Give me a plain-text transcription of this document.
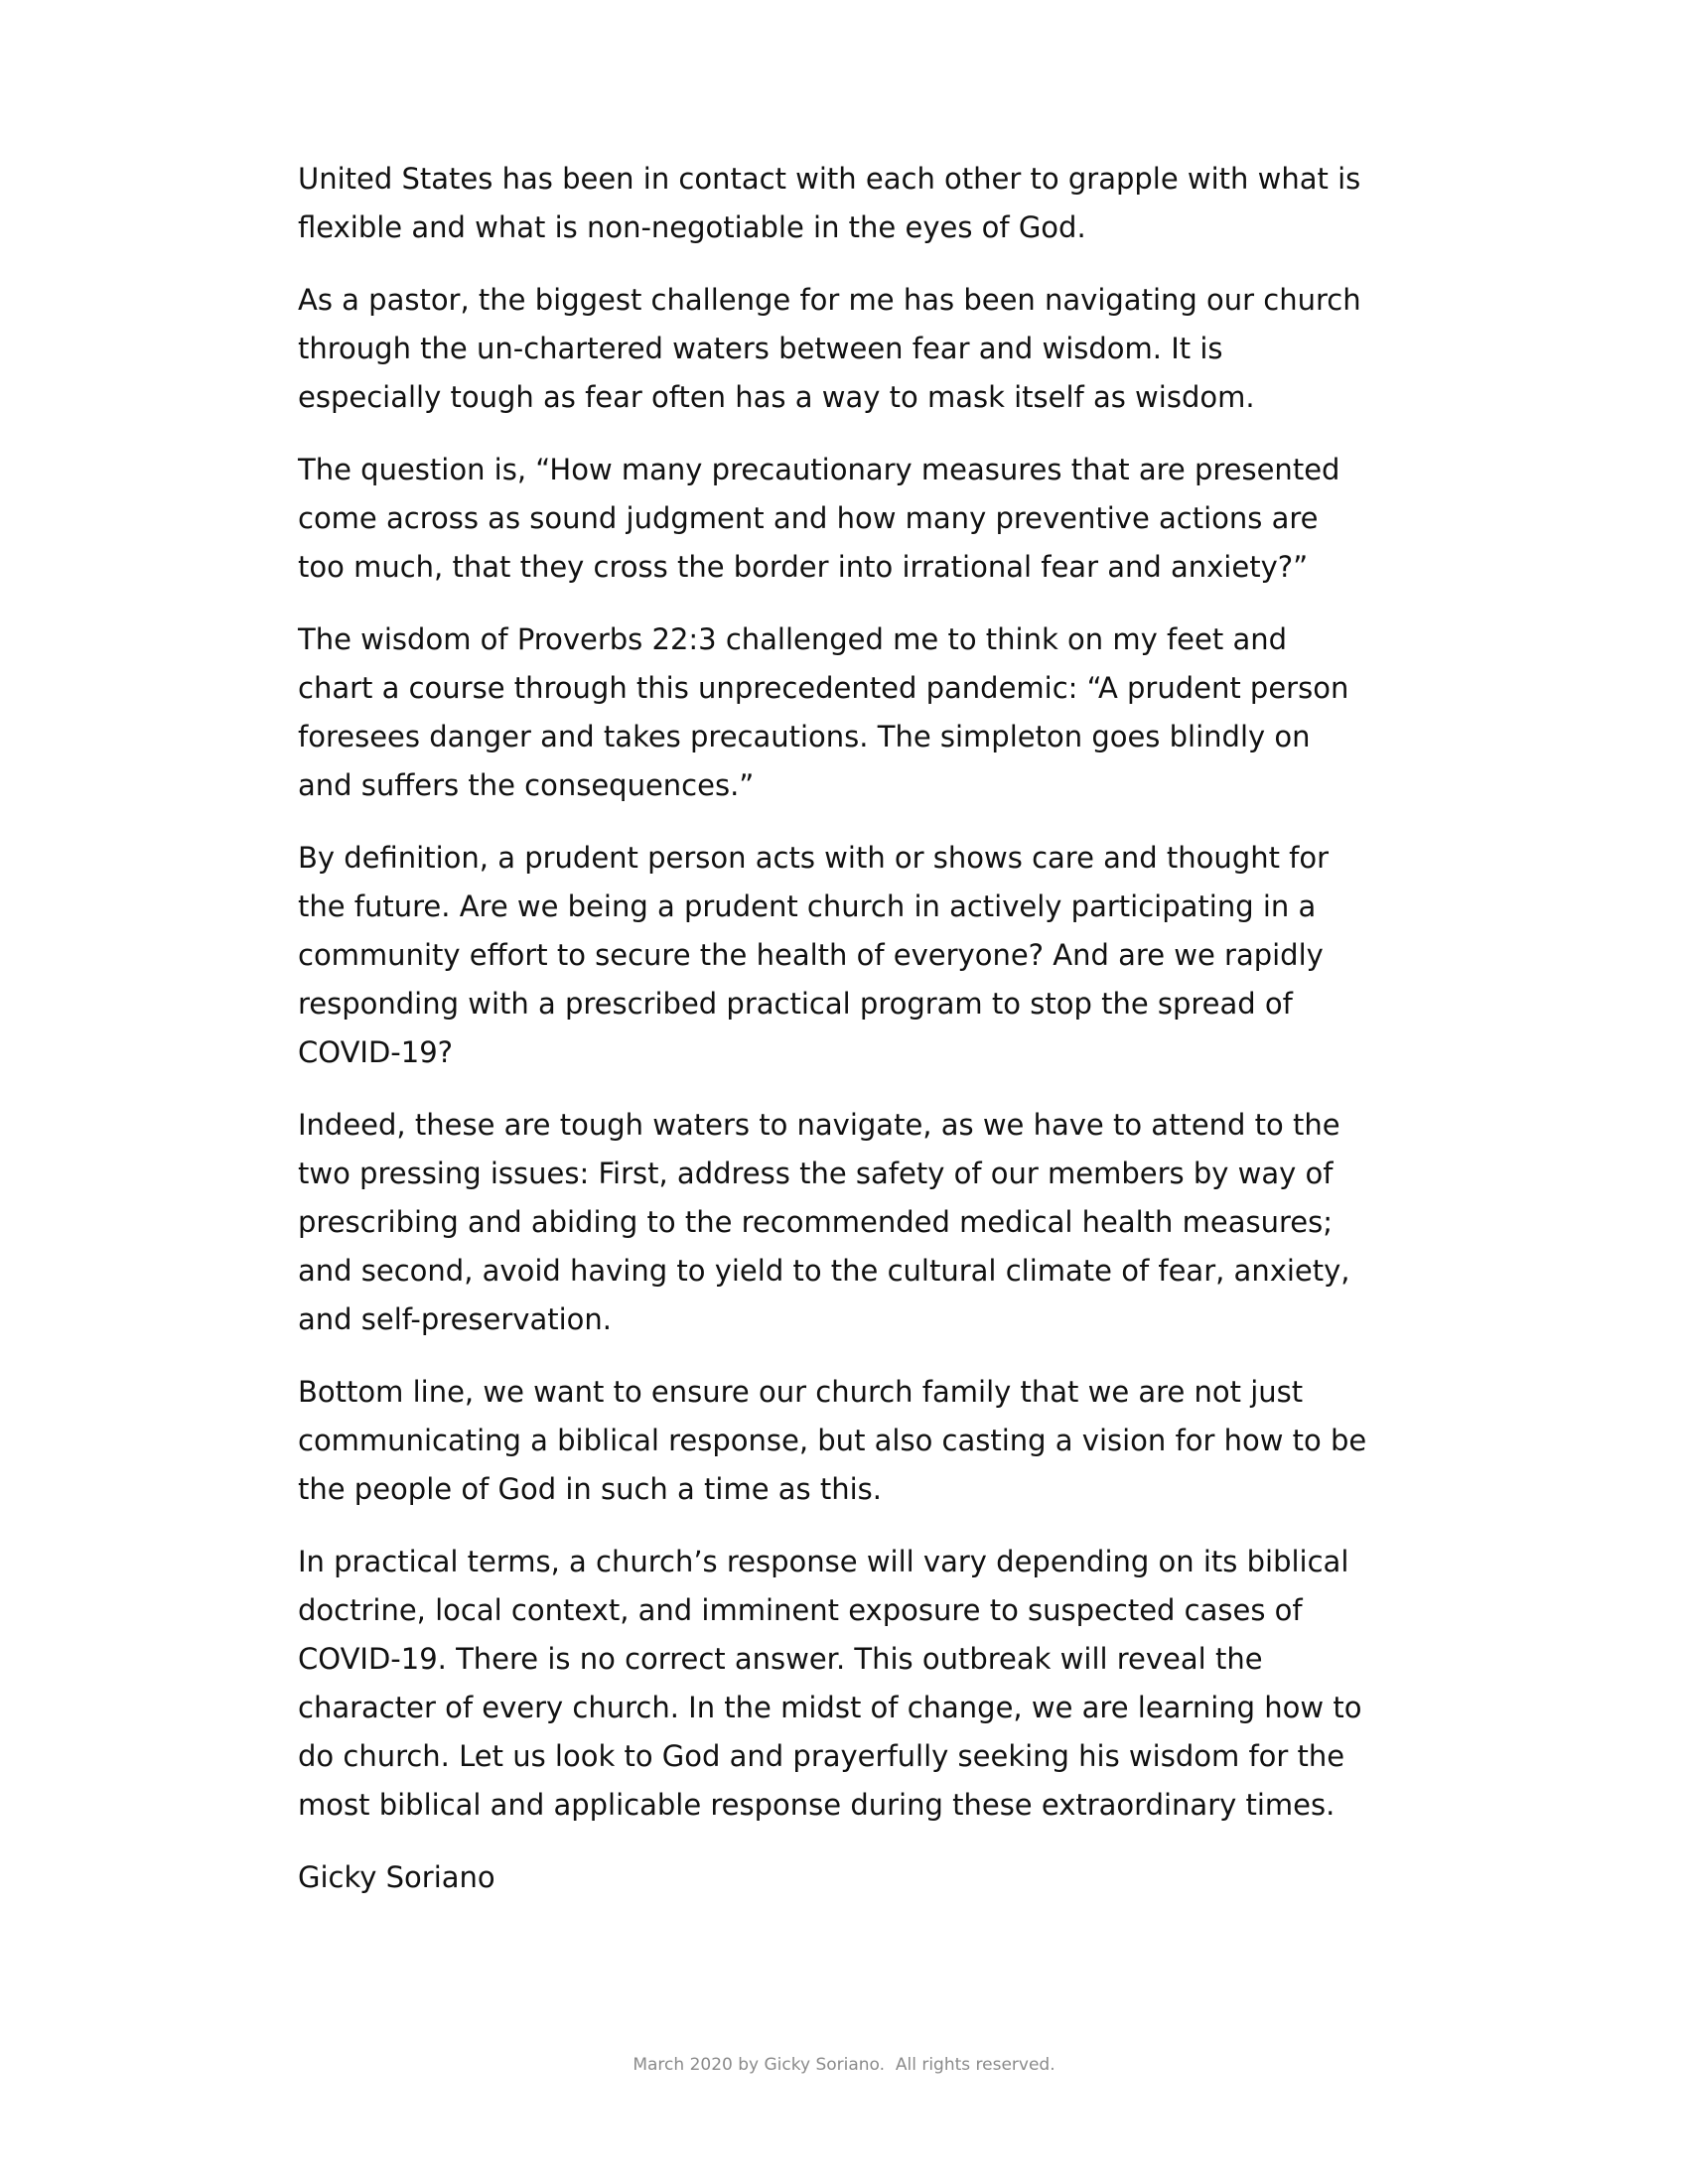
United States has been in contact with each other to grapple with what is
flexible and what is non-negotiable in the eyes of God.

As a pastor, the biggest challenge for me has been navigating our church
through the un-chartered waters between fear and wisdom. It is
especially tough as fear often has a way to mask itself as wisdom.

The question is, “How many precautionary measures that are presented
come across as sound judgment and how many preventive actions are
too much, that they cross the border into irrational fear and anxiety?”

The wisdom of Proverbs 22:3 challenged me to think on my feet and
chart a course through this unprecedented pandemic: “A prudent person
foresees danger and takes precautions. The simpleton goes blindly on
and suffers the consequences.”

By definition, a prudent person acts with or shows care and thought for
the future. Are we being a prudent church in actively participating in a
community effort to secure the health of everyone? And are we rapidly
responding with a prescribed practical program to stop the spread of
COVID-19?

Indeed, these are tough waters to navigate, as we have to attend to the
two pressing issues: First, address the safety of our members by way of
prescribing and abiding to the recommended medical health measures;
and second, avoid having to yield to the cultural climate of fear, anxiety,
and self-preservation.

Bottom line, we want to ensure our church family that we are not just
communicating a biblical response, but also casting a vision for how to be
the people of God in such a time as this.

In practical terms, a church’s response will vary depending on its biblical
doctrine, local context, and imminent exposure to suspected cases of
COVID-19. There is no correct answer. This outbreak will reveal the
character of every church. In the midst of change, we are learning how to
do church. Let us look to God and prayerfully seeking his wisdom for the
most biblical and applicable response during these extraordinary times.

Gicky Soriano

March 2020 by Gicky Soriano.  All rights reserved.
